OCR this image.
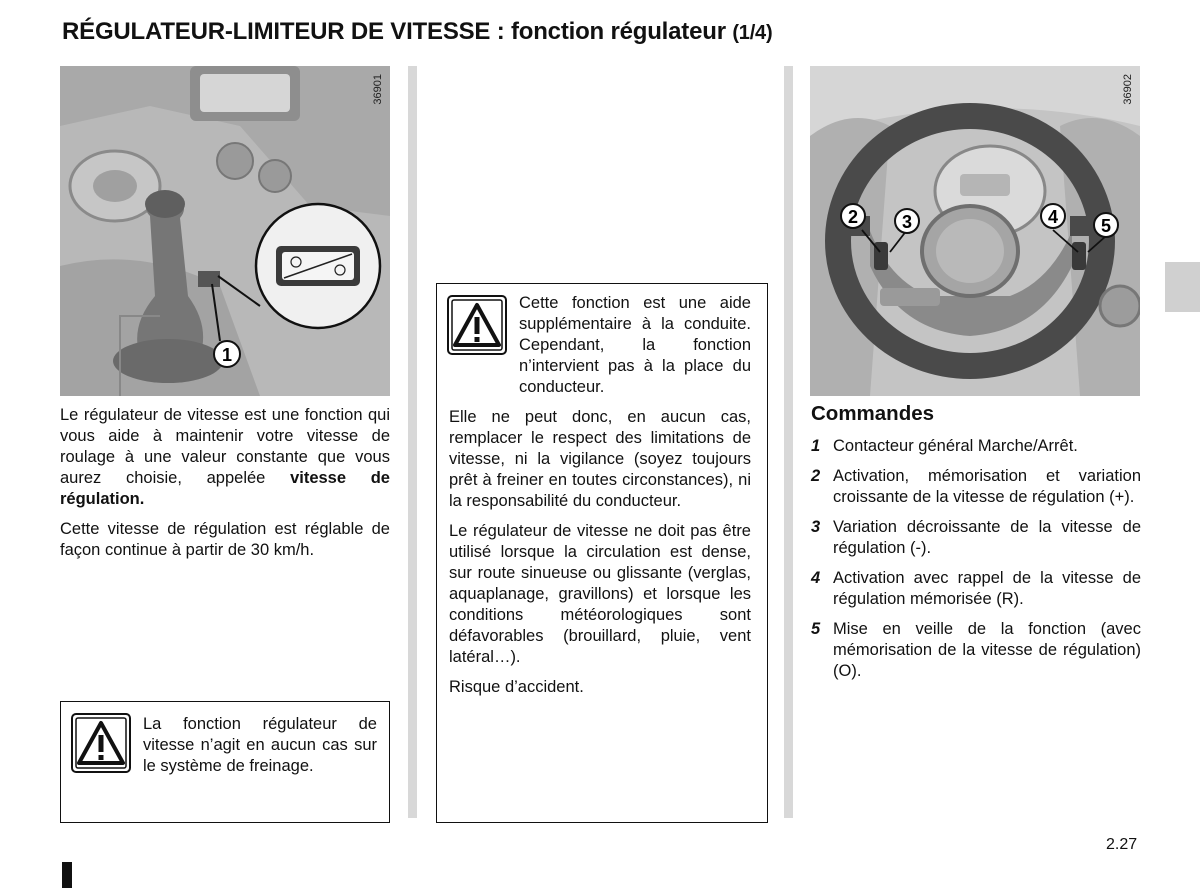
RÉGULATEUR-LIMITEUR DE VITESSE : fonction régulateur (1/4)
1
36901

Le régulateur de vitesse est une fonction qui vous aide à maintenir votre vitesse de roulage à une valeur constante que vous aurez choisie, appelée vitesse de régulation.

Cette vitesse de régulation est réglable de façon continue à partir de 30 km/h.

La fonction régulateur de vitesse n’agit en aucun cas sur le système de freinage.

Cette fonction est une aide supplémentaire à la conduite. Cependant, la fonction n’intervient pas à la place du conducteur.

Elle ne peut donc, en aucun cas, remplacer le respect des limitations de vitesse, ni la vigilance (soyez toujours prêt à freiner en toutes circonstances), ni la responsabilité du conducteur.

Le régulateur de vitesse ne doit pas être utilisé lorsque la circulation est dense, sur route sinueuse ou glissante (verglas, aquaplanage, gravillons) et lorsque les conditions météorologiques sont défavorables (brouillard, pluie, vent latéral…).

Risque d’accident.

2 3	4 5
36902
Commandes
1 Contacteur général Marche/Arrêt.
2 Activation, mémorisation et variation croissante de la vitesse de régulation (+).
3 Variation décroissante de la vitesse de régulation (-).
4 Activation avec rappel de la vitesse de régulation mémorisée (R).
5 Mise en veille de la fonction (avec mémorisation de la vitesse de régulation) (O).
2.27
